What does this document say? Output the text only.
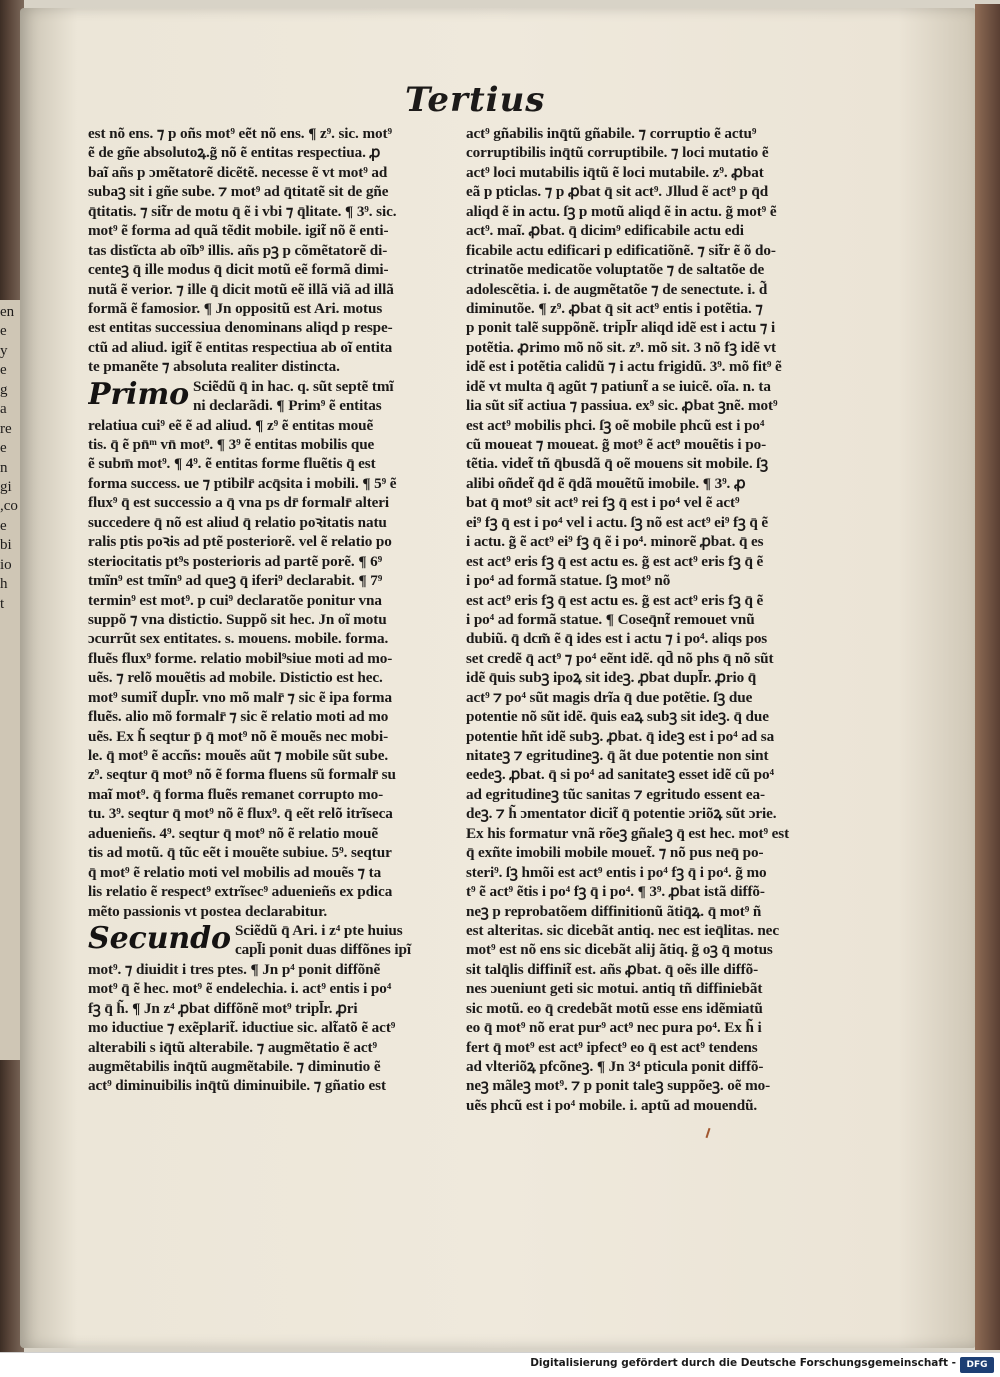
en
e
y
e
g
a
re
e
n
gi
,co
e
bi
io
h
t
Tertius
est nõ ens. ⁊ p oñs mot⁹ eẽt nõ ens. ¶ z⁹. sic. mot⁹
ẽ de gñe absolutoꝝ.g̃ nõ ẽ entitas respectiua. ꝓ
baĩ añs p ɔmẽtatorẽ dicẽtẽ. necesse ẽ vt mot⁹ ad
subaꝫ sit i gñe sube. ⁊ mot⁹ ad q̄titatẽ sit de gñe
q̄titatis. ⁊ sit̃r de motu q̄ ẽ i vbi ⁊ q̄litate. ¶ 3⁹. sic.
mot⁹ ẽ forma ad quã tẽdit mobile. igit̃ nõ ẽ enti-
tas distĩcta ab oĩb⁹ illis. añs pꝫ p cõmẽtatorẽ di-
centeꝫ q̄ ille modus q̄ dicit motũ eẽ formã dimi-
nutã ẽ verior. ⁊ ille q̄ dicit motũ eẽ illã viã ad illã
formã ẽ famosior. ¶ Jn oppositũ est Ari. motus
est entitas successiua denominans aliqd p respe-
ctũ ad aliud. igit̃ ẽ entitas respectiua ab oĩ entita
te pmanẽte ⁊ absoluta realiter distincta.
Primo Sciẽdũ q̄ in hac. q. sũt septẽ tmĩ
ni declarãdi. ¶ Prim⁹ ẽ entitas
relatiua cui⁹ eẽ ẽ ad aliud. ¶ z⁹ ẽ entitas mouẽ
tis. q̄ ẽ pn̄ᵐ vn̄ mot⁹. ¶ 3⁹ ẽ entitas mobilis que
ẽ subm̄ mot⁹. ¶ 4⁹. ẽ entitas forme fluẽtis q̄ est
forma success. ue ⁊ ptibilr̄ acq̄sita i mobili. ¶ 5⁹ ẽ
flux⁹ q̄ est successio a q̄ vna ps dr̄ formalr̄ alteri
succedere q̄ nõ est aliud q̄ relatio poꝛitatis natu
ralis ptis poꝛis ad ptẽ posteriorẽ. vel ẽ relatio po
steriocitatis pt⁹s posterioris ad partẽ porẽ. ¶ 6⁹
tmĩn⁹ est tmĩn⁹ ad queꝫ q̄ iferi⁹ declarabit. ¶ 7⁹
termin⁹ est mot⁹. p cui⁹ declaratõe ponitur vna
suppõ ⁊ vna distictio. Suppõ sit hec. Jn oĩ motu
ɔcurrũt sex entitates. s. mouens. mobile. forma.
fluẽs flux⁹ forme. relatio mobil⁹siue moti ad mo-
uẽs. ⁊ relõ mouẽtis ad mobile. Distictio est hec.
mot⁹ sumit̃ dupl̄r. vno mõ malr̄ ⁊ sic ẽ ipa forma
fluẽs. alio mõ formalr̄ ⁊ sic ẽ relatio moti ad mo
uẽs. Ex h̃ seqtur p̄ q̄ mot⁹ nõ ẽ mouẽs nec mobi-
le. q̄ mot⁹ ẽ accñs: mouẽs aũt ⁊ mobile sũt sube.
z⁹. seqtur q̄ mot⁹ nõ ẽ forma fluens sũ formalr̄ su
maĩ mot⁹. q̄ forma fluẽs remanet corrupto mo-
tu. 3⁹. seqtur q̄ mot⁹ nõ ẽ flux⁹. q̄ eẽt relõ itrĩseca
aduenieñs. 4⁹. seqtur q̄ mot⁹ nõ ẽ relatio mouẽ
tis ad motũ. q̄ tũc eẽt i mouẽte subiue. 5⁹. seqtur
q̄ mot⁹ ẽ relatio moti vel mobilis ad mouẽs ⁊ ta
lis relatio ẽ respect⁹ extrĩsec⁹ aduenieñs ex pdica
mẽto passionis vt postea declarabitur.
Secundo Sciẽdũ q̄ Ari. i z⁴ pte huius
capl̄i ponit duas diffõnes ipĩ
mot⁹. ⁊ diuidit i tres ptes. ¶ Jn p⁴ ponit diffõnẽ
mot⁹ q̄ ẽ hec. mot⁹ ẽ endelechia. i. act⁹ entis i po⁴
fꝫ q̄ h̃. ¶ Jn z⁴ ꝓbat diffõnẽ mot⁹ tripl̄r. ꝓri
mo iductiue ⁊ exẽplarit̃. iductiue sic. alt̃atõ ẽ act⁹
alterabili s iq̄tũ alterabile. ⁊ augmẽtatio ẽ act⁹
augmẽtabilis inq̄tũ augmẽtabile. ⁊ diminutio ẽ
act⁹ diminuibilis inq̄tũ diminuibile. ⁊ gñatio est
act⁹ gñabilis inq̄tũ gñabile. ⁊ corruptio ẽ actu⁹
corruptibilis inq̄tũ corruptibile. ⁊ loci mutatio ẽ
act⁹ loci mutabilis iq̄tũ ẽ loci mutabile. z⁹. ꝓbat
eã p pticlas. ⁊ p ꝓbat q̄ sit act⁹. Jllud ẽ act⁹ p q̄d
aliqd ẽ in actu. ſꝫ p motũ aliqd ẽ in actu. g̃ mot⁹ ẽ
act⁹. maĩ. ꝓbat. q̄ dicim⁹ edificabile actu edi
ficabile actu edificari p edificatiõnẽ. ⁊ sit̃r ẽ õ do-
ctrinatõe medicatõe voluptatõe ⁊ de saltatõe de
adolescẽtia. i. de augmẽtatõe ⁊ de senectute. i. d̃
diminutõe. ¶ z⁹. ꝓbat q̄ sit act⁹ entis i potẽtia. ⁊
p ponit talẽ suppõnẽ. tripl̄r aliqd idẽ est i actu ⁊ i
potẽtia. ꝓrimo mõ nõ sit. z⁹. mõ sit. 3 nõ fꝫ idẽ vt
idẽ est i potẽtia calidũ ⁊ i actu frigidũ. 3⁹. mõ fit⁹ ẽ
idẽ vt multa q̄ agũt ⁊ patiunt̃ a se iuicẽ. oĩa. n. ta
lia sũt sit̃ actiua ⁊ passiua. ex⁹ sic. ꝓbat ꝫnẽ. mot⁹
est act⁹ mobilis phci. ſꝫ oẽ mobile phcũ est i po⁴
cũ moueat ⁊ moueat. g̃ mot⁹ ẽ act⁹ mouẽtis i po-
tẽtia. videt̃ tñ q̄busdã q̄ oẽ mouens sit mobile. ſꝫ
alibi oñdet̃ q̄d ẽ q̄dã mouẽtũ imobile. ¶ 3⁹. ꝓ
bat q̄ mot⁹ sit act⁹ rei fꝫ q̄ est i po⁴ vel ẽ act⁹
ei⁹ fꝫ q̄ est i po⁴ vel i actu. ſꝫ nõ est act⁹ ei⁹ fꝫ q̄ ẽ
i actu. g̃ ẽ act⁹ ei⁹ fꝫ q̄ ẽ i po⁴. minorẽ ꝓbat. q̄ es
est act⁹ eris fꝫ q̄ est actu es. g̃ est act⁹ eris fꝫ q̄ ẽ
i po⁴ ad formã statue. ſꝫ mot⁹ nõ
est act⁹ eris fꝫ q̄ est actu es. g̃ est act⁹ eris fꝫ q̄ ẽ
i po⁴ ad formã statue. ¶ Coseq̄nt̃ remouet vnũ
dubiũ. q̄ dcm̃ ẽ q̄ ides est i actu ⁊ i po⁴. aliqs pos
set credẽ q̄ act⁹ ⁊ po⁴ eẽnt idẽ. qd̄ nõ phs q̄ nõ sũt
idẽ q̄uis subꝫ ipoꝝ sit ideꝫ. ꝓbat dupl̄r. ꝓrio q̄
act⁹ ⁊ po⁴ sũt magis drĩa q̄ due potẽtie. ſꝫ due
potentie nõ sũt idẽ. q̄uis eaꝝ subꝫ sit ideꝫ. q̄ due
potentie hñt idẽ subꝫ. ꝓbat. q̄ ideꝫ est i po⁴ ad sa
nitateꝫ ⁊ egritudineꝫ. q̄ ãt due potentie non sint
eedeꝫ. ꝓbat. q̄ si po⁴ ad sanitateꝫ esset idẽ cũ po⁴
ad egritudineꝫ tũc sanitas ⁊ egritudo essent ea-
deꝫ. ⁊ h̃ ɔmentator dicit̃ q̄ potentie ɔriõꝝ sũt ɔrie.
Ex his formatur vnã rõeꝫ gñaleꝫ q̄ est hec. mot⁹ est
q̄ exñte imobili mobile mouet̃. ⁊ nõ pus neq̄ po-
steri⁹. ſꝫ hmõi est act⁹ entis i po⁴ fꝫ q̄ i po⁴. g̃ mo
t⁹ ẽ act⁹ ẽtis i po⁴ fꝫ q̄ i po⁴. ¶ 3⁹. ꝓbat istã diffõ-
neꝫ p reprobatõem diffinitionũ ãtiq̄ꝝ. q̄ mot⁹ ñ
est alteritas. sic dicebãt antiq. nec est ieq̄litas. nec
mot⁹ est nõ ens sic dicebãt alij ãtiq. g̃ oꝫ q̄ motus
sit talq̄lis diffinit̃ est. añs ꝓbat. q̄ oẽs ille diffõ-
nes ɔueniunt geti sic motui. antiq tñ diffiniebãt
sic motũ. eo q̄ credebãt motũ esse ens idẽmiatũ
eo q̄ mot⁹ nõ erat pur⁹ act⁹ nec pura po⁴. Ex h̃ i
fert q̄ mot⁹ est act⁹ ipfect⁹ eo q̄ est act⁹ tendens
ad vlteriõꝝ pfcõneꝫ. ¶ Jn 3⁴ pticula ponit diffõ-
neꝫ mãleꝫ mot⁹. ⁊ p ponit taleꝫ suppõeꝫ. oẽ mo-
uẽs phcũ est i po⁴ mobile. i. aptũ ad mouendũ.
Digitalisierung gefördert durch die Deutsche Forschungsgemeinschaft -	DFG
